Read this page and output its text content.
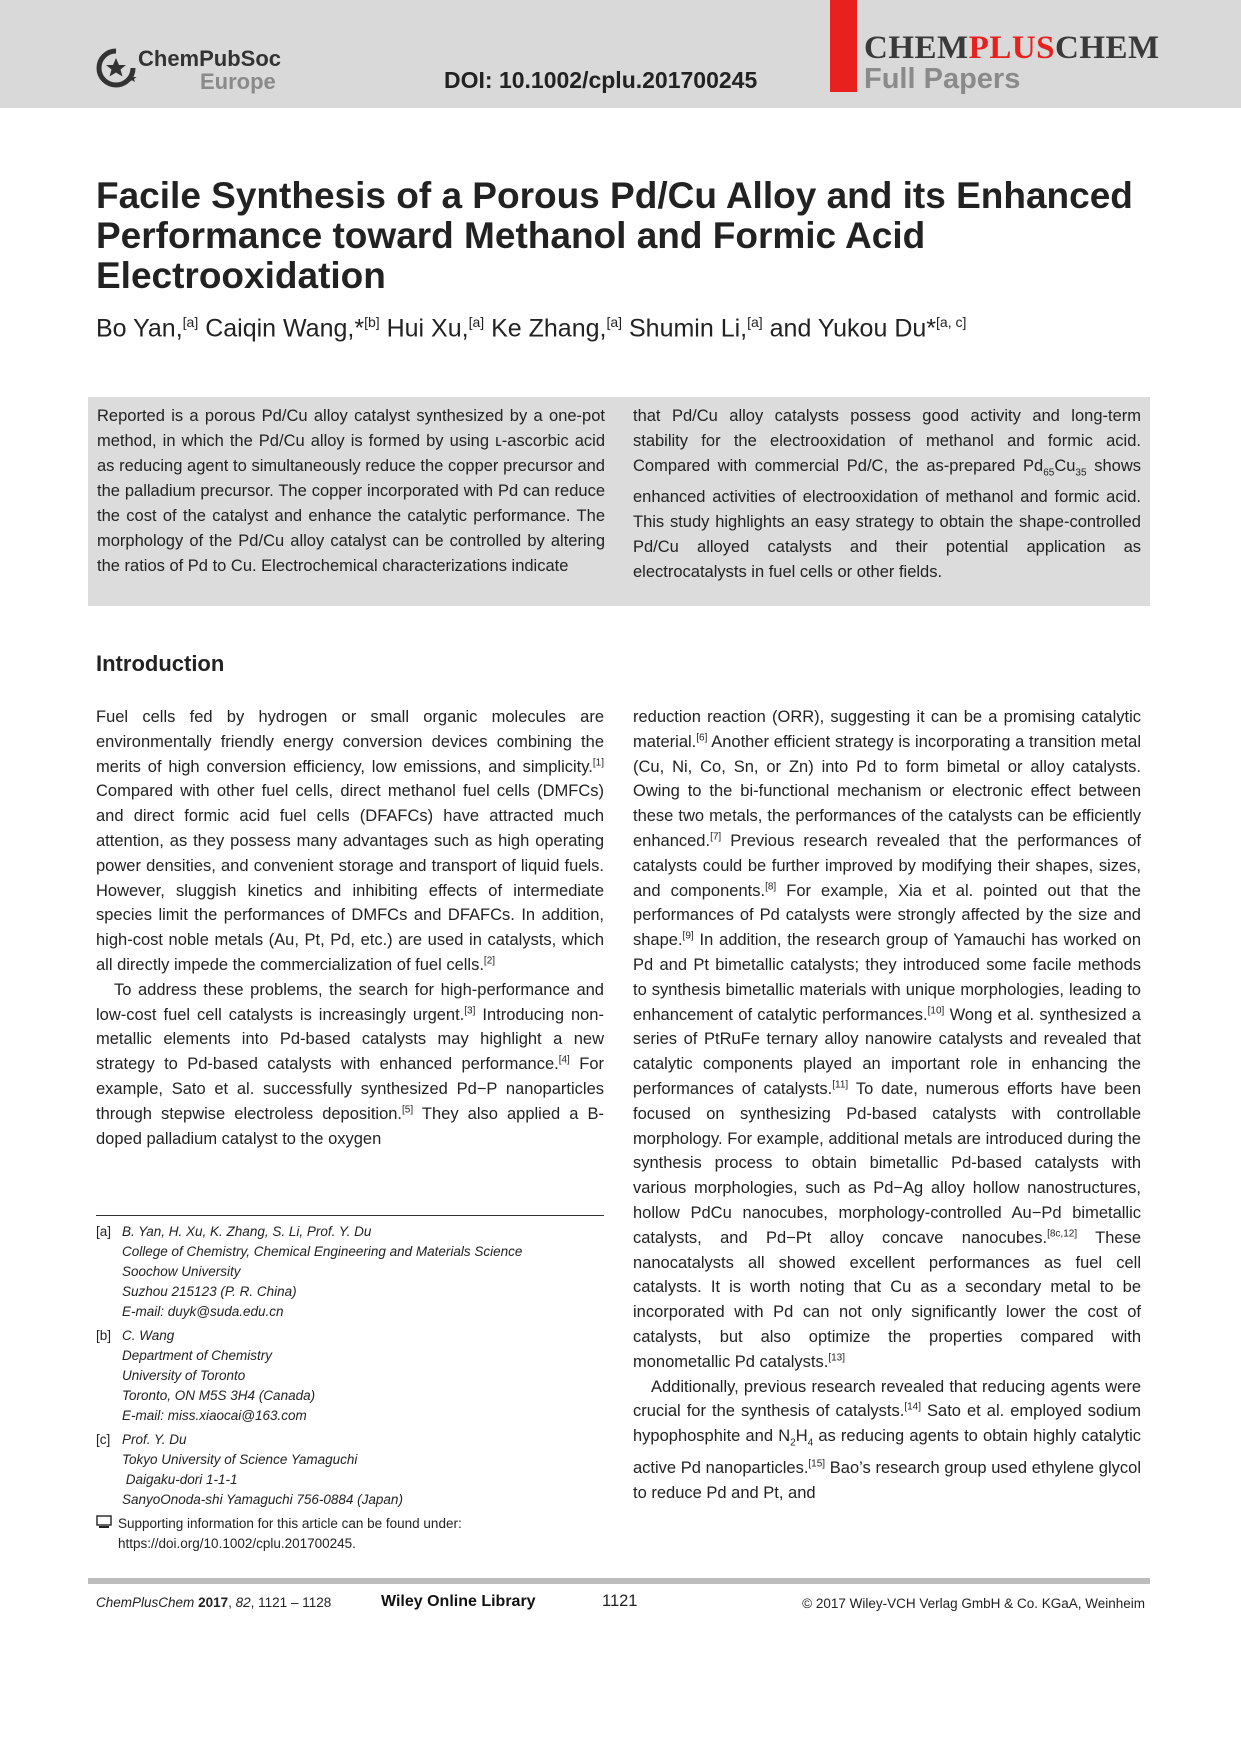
ChemPubSoc
Europe	DOI: 10.1002/cplu.201700245
CHEMPLUSCHEM
Full Papers
Facile Synthesis of a Porous Pd/Cu Alloy and its Enhanced Performance toward Methanol and Formic Acid Electrooxidation
Bo Yan,[a] Caiqin Wang,*[b] Hui Xu,[a] Ke Zhang,[a] Shumin Li,[a] and Yukou Du*[a, c]
Reported is a porous Pd/Cu alloy catalyst synthesized by a one-pot method, in which the Pd/Cu alloy is formed by using ʟ-ascorbic acid as reducing agent to simultaneously reduce the copper precursor and the palladium precursor. The copper incorporated with Pd can reduce the cost of the catalyst and enhance the catalytic performance. The morphology of the Pd/Cu alloy catalyst can be controlled by altering the ratios of Pd to Cu. Electrochemical characterizations indicate
that Pd/Cu alloy catalysts possess good activity and long-term stability for the electrooxidation of methanol and formic acid. Compared with commercial Pd/C, the as-prepared $Pd_{65}Cu_{35}$ shows enhanced activities of electrooxidation of methanol and formic acid. This study highlights an easy strategy to obtain the shape-controlled Pd/Cu alloyed catalysts and their potential application as electrocatalysts in fuel cells or other fields.
Introduction

Fuel cells fed by hydrogen or small organic molecules are environmentally friendly energy conversion devices combining the merits of high conversion efficiency, low emissions, and simplicity.[1] Compared with other fuel cells, direct methanol fuel cells (DMFCs) and direct formic acid fuel cells (DFAFCs) have attracted much attention, as they possess many advantages such as high operating power densities, and convenient storage and transport of liquid fuels. However, sluggish kinetics and inhibiting effects of intermediate species limit the performances of DMFCs and DFAFCs. In addition, high-cost noble metals (Au, Pt, Pd, etc.) are used in catalysts, which all directly impede the commercialization of fuel cells.[2]

To address these problems, the search for high-performance and low-cost fuel cell catalysts is increasingly urgent.[3] Introducing non-metallic elements into Pd-based catalysts may highlight a new strategy to Pd-based catalysts with enhanced performance.[4] For example, Sato et al. successfully synthesized Pd−P nanoparticles through stepwise electroless deposition.[5] They also applied a B-doped palladium catalyst to the oxygen

reduction reaction (ORR), suggesting it can be a promising catalytic material.[6] Another efficient strategy is incorporating a transition metal (Cu, Ni, Co, Sn, or Zn) into Pd to form bimetal or alloy catalysts. Owing to the bi-functional mechanism or electronic effect between these two metals, the performances of the catalysts can be efficiently enhanced.[7] Previous research revealed that the performances of catalysts could be further improved by modifying their shapes, sizes, and components.[8] For example, Xia et al. pointed out that the performances of Pd catalysts were strongly affected by the size and shape.[9] In addition, the research group of Yamauchi has worked on Pd and Pt bimetallic catalysts; they introduced some facile methods to synthesis bimetallic materials with unique morphologies, leading to enhancement of catalytic performances.[10] Wong et al. synthesized a series of PtRuFe ternary alloy nanowire catalysts and revealed that catalytic components played an important role in enhancing the performances of catalysts.[11] To date, numerous efforts have been focused on synthesizing Pd-based catalysts with controllable morphology. For example, additional metals are introduced during the synthesis process to obtain bimetallic Pd-based catalysts with various morphologies, such as Pd−Ag alloy hollow nanostructures, hollow PdCu nanocubes, morphology-controlled Au−Pd bimetallic catalysts, and Pd−Pt alloy concave nanocubes.[8c,12] These nanocatalysts all showed excellent performances as fuel cell catalysts. It is worth noting that Cu as a secondary metal to be incorporated with Pd can not only significantly lower the cost of catalysts, but also optimize the properties compared with monometallic Pd catalysts.[13]

Additionally, previous research revealed that reducing agents were crucial for the synthesis of catalysts.[14] Sato et al. employed sodium hypophosphite and $N_2H_4$ as reducing agents to obtain highly catalytic active Pd nanoparticles.[15] Bao’s research group used ethylene glycol to reduce Pd and Pt, and

[a] B. Yan, H. Xu, K. Zhang, S. Li, Prof. Y. Du
College of Chemistry, Chemical Engineering and Materials Science
Soochow University
Suzhou 215123 (P. R. China)
E-mail: duyk@suda.edu.cn
[b] C. Wang
Department of Chemistry
University of Toronto
Toronto, ON M5S 3H4 (Canada)
E-mail: miss.xiaocai@163.com
[c] Prof. Y. Du
Tokyo University of Science Yamaguchi
Daigaku-dori 1-1-1
SanyoOnoda-shi Yamaguchi 756-0884 (Japan)
Supporting information for this article can be found under:
https://doi.org/10.1002/cplu.201700245.
ChemPlusChem 2017, 82, 1121 – 1128	Wiley Online Library	1121	© 2017 Wiley-VCH Verlag GmbH & Co. KGaA, Weinheim
